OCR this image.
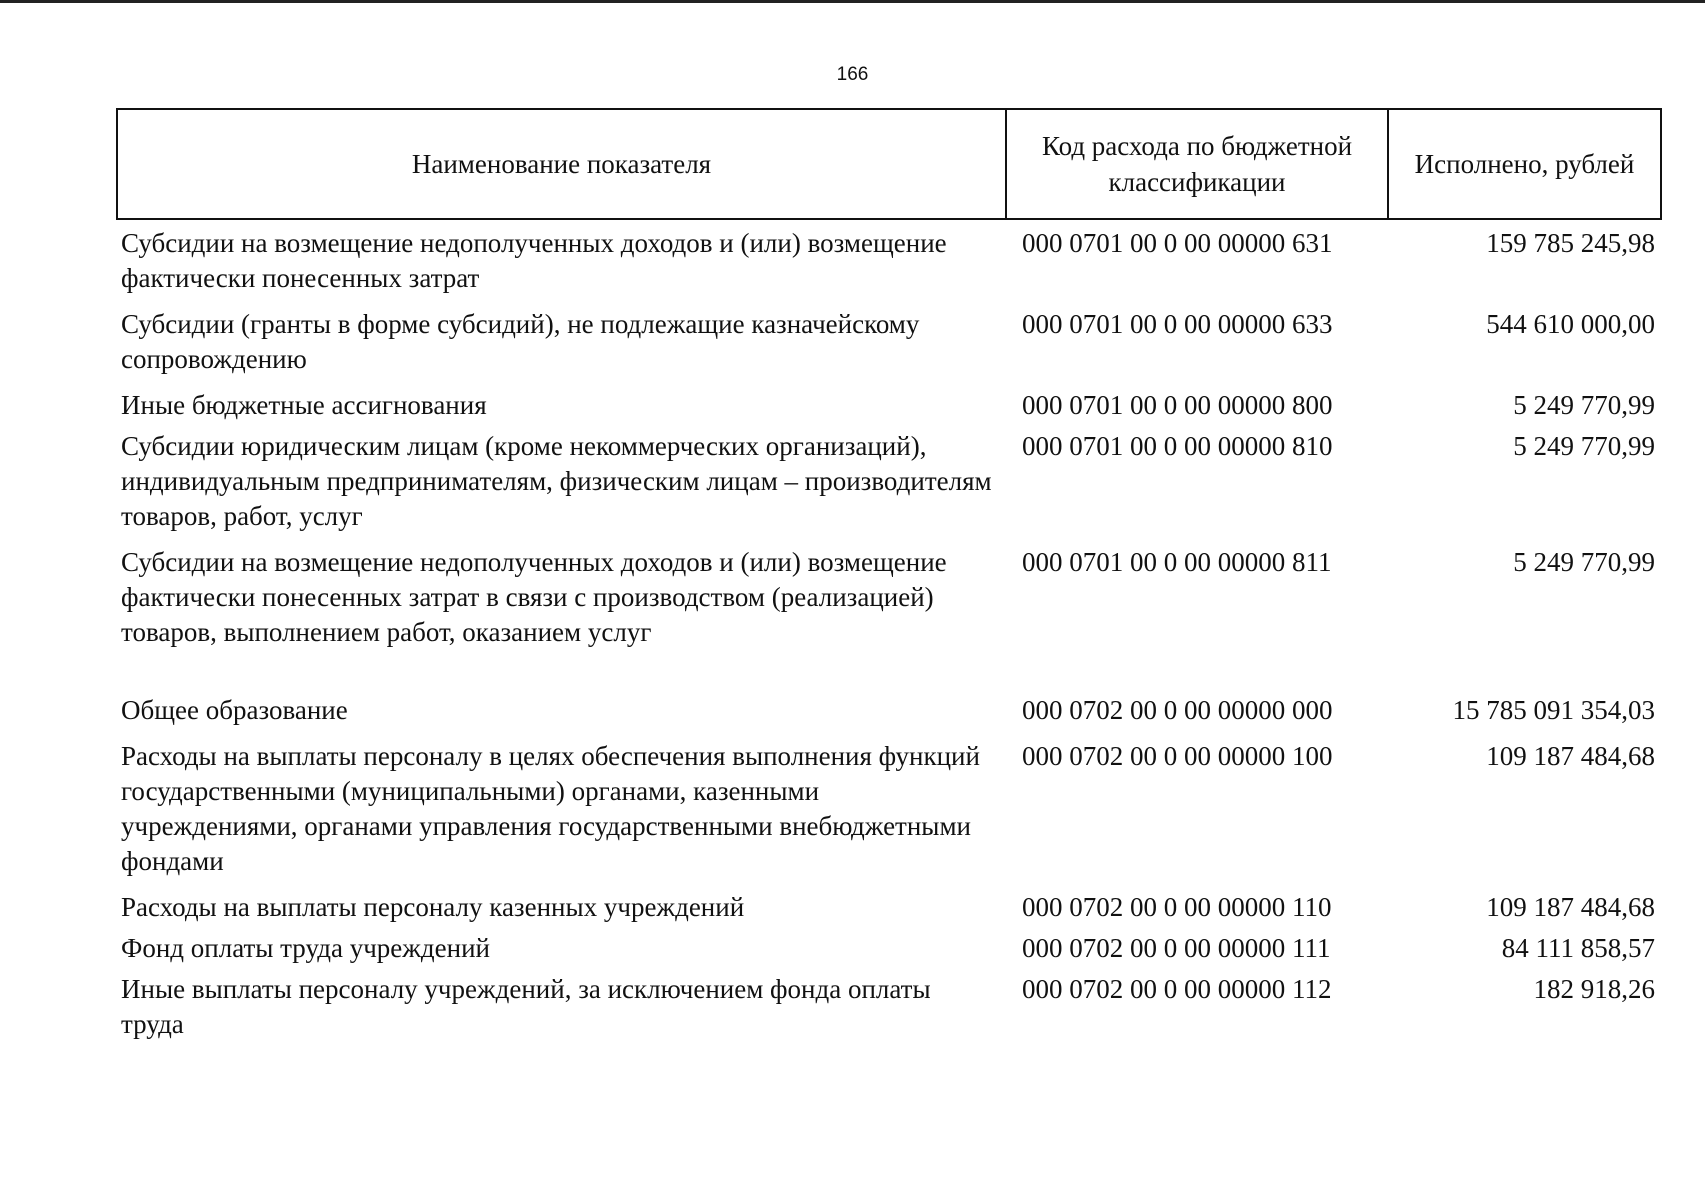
166
Наименование показателя	Код расхода по бюджетной классификации	Исполнено, рублей
Субсидии на возмещение недополученных доходов и (или) возмещение фактически понесенных затрат	000 0701 00 0 00 00000 631	159 785 245,98
Субсидии (гранты в форме субсидий), не подлежащие казначейскому сопровождению	000 0701 00 0 00 00000 633	544 610 000,00
Иные бюджетные ассигнования	000 0701 00 0 00 00000 800	5 249 770,99
Субсидии юридическим лицам (кроме некоммерческих организаций), индивидуальным предпринимателям, физическим лицам – производителям товаров, работ, услуг	000 0701 00 0 00 00000 810	5 249 770,99
Субсидии на возмещение недополученных доходов и (или) возмещение фактически понесенных затрат в связи с производством (реализацией) товаров, выполнением работ, оказанием услуг	000 0701 00 0 00 00000 811	5 249 770,99
Общее образование	000 0702 00 0 00 00000 000	15 785 091 354,03
Расходы на выплаты персоналу в целях обеспечения выполнения функций государственными (муниципальными) органами, казенными учреждениями, органами управления государственными внебюджетными фондами	000 0702 00 0 00 00000 100	109 187 484,68
Расходы на выплаты персоналу казенных учреждений	000 0702 00 0 00 00000 110	109 187 484,68
Фонд оплаты труда учреждений	000 0702 00 0 00 00000 111	84 111 858,57
Иные выплаты персоналу учреждений, за исключением фонда оплаты труда	000 0702 00 0 00 00000 112	182 918,26
